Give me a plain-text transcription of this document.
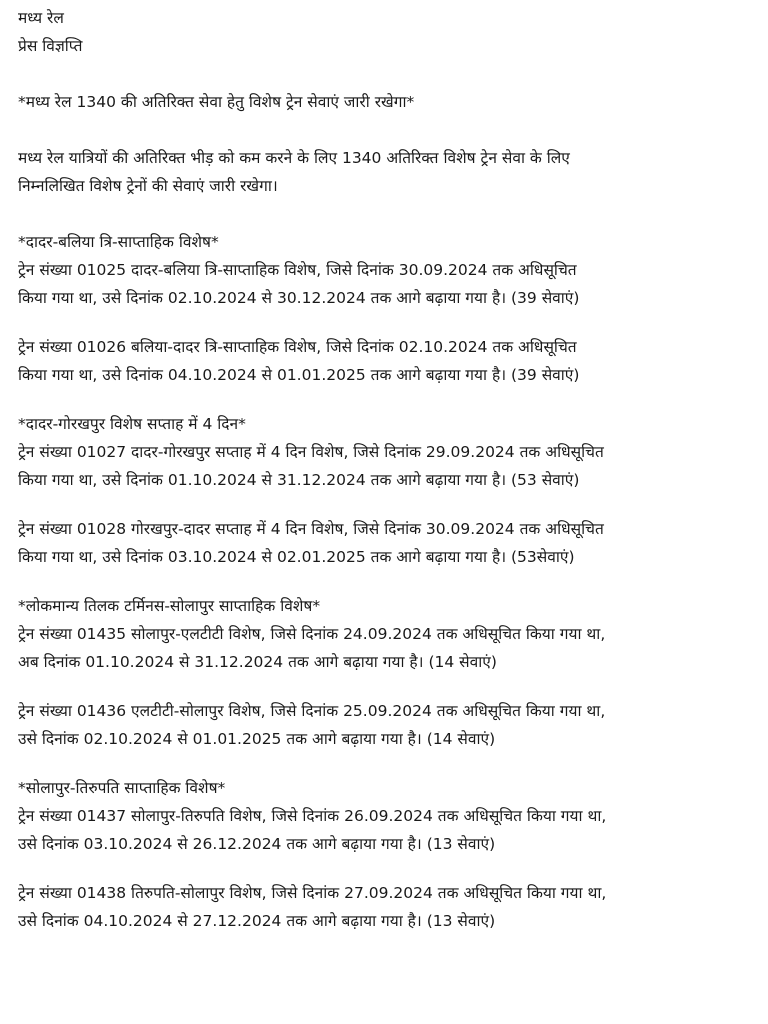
मध्य रेल
प्रेस विज्ञप्ति
*मध्य रेल 1340 की अतिरिक्त सेवा हेतु विशेष ट्रेन सेवाएं जारी रखेगा*
मध्य रेल यात्रियों की अतिरिक्त भीड़ को कम करने के लिए 1340 अतिरिक्त विशेष ट्रेन सेवा के लिए
निम्नलिखित विशेष ट्रेनों की सेवाएं जारी रखेगा।
*दादर-बलिया त्रि-साप्ताहिक विशेष*
ट्रेन संख्या 01025 दादर-बलिया त्रि-साप्ताहिक विशेष, जिसे दिनांक 30.09.2024 तक अधिसूचित
किया गया था, उसे दिनांक 02.10.2024 से 30.12.2024 तक आगे बढ़ाया गया है। (39 सेवाएं)
ट्रेन संख्या 01026 बलिया-दादर त्रि-साप्ताहिक विशेष, जिसे दिनांक 02.10.2024 तक अधिसूचित
किया गया था, उसे दिनांक 04.10.2024 से 01.01.2025 तक आगे बढ़ाया गया है। (39 सेवाएं)
*दादर-गोरखपुर विशेष सप्ताह में 4 दिन*
ट्रेन संख्या 01027 दादर-गोरखपुर सप्ताह में 4 दिन विशेष, जिसे दिनांक 29.09.2024 तक अधिसूचित
किया गया था, उसे दिनांक 01.10.2024 से 31.12.2024 तक आगे बढ़ाया गया है। (53 सेवाएं)
ट्रेन संख्या 01028 गोरखपुर-दादर सप्ताह में 4 दिन विशेष, जिसे दिनांक 30.09.2024 तक अधिसूचित
किया गया था, उसे दिनांक 03.10.2024 से 02.01.2025 तक आगे बढ़ाया गया है। (53सेवाएं)
*लोकमान्य तिलक टर्मिनस-सोलापुर साप्ताहिक विशेष*
ट्रेन संख्या 01435 सोलापुर-एलटीटी विशेष, जिसे दिनांक 24.09.2024 तक अधिसूचित किया गया था,
अब दिनांक 01.10.2024 से 31.12.2024 तक आगे बढ़ाया गया है। (14 सेवाएं)
ट्रेन संख्या 01436 एलटीटी-सोलापुर विशेष, जिसे दिनांक 25.09.2024 तक अधिसूचित किया गया था,
उसे दिनांक 02.10.2024 से 01.01.2025 तक आगे बढ़ाया गया है। (14 सेवाएं)
*सोलापुर-तिरुपति साप्ताहिक विशेष*
ट्रेन संख्या 01437 सोलापुर-तिरुपति विशेष, जिसे दिनांक 26.09.2024 तक अधिसूचित किया गया था,
उसे दिनांक 03.10.2024 से 26.12.2024 तक आगे बढ़ाया गया है। (13 सेवाएं)
ट्रेन संख्या 01438 तिरुपति-सोलापुर विशेष, जिसे दिनांक 27.09.2024 तक अधिसूचित किया गया था,
उसे दिनांक 04.10.2024 से 27.12.2024 तक आगे बढ़ाया गया है। (13 सेवाएं)
